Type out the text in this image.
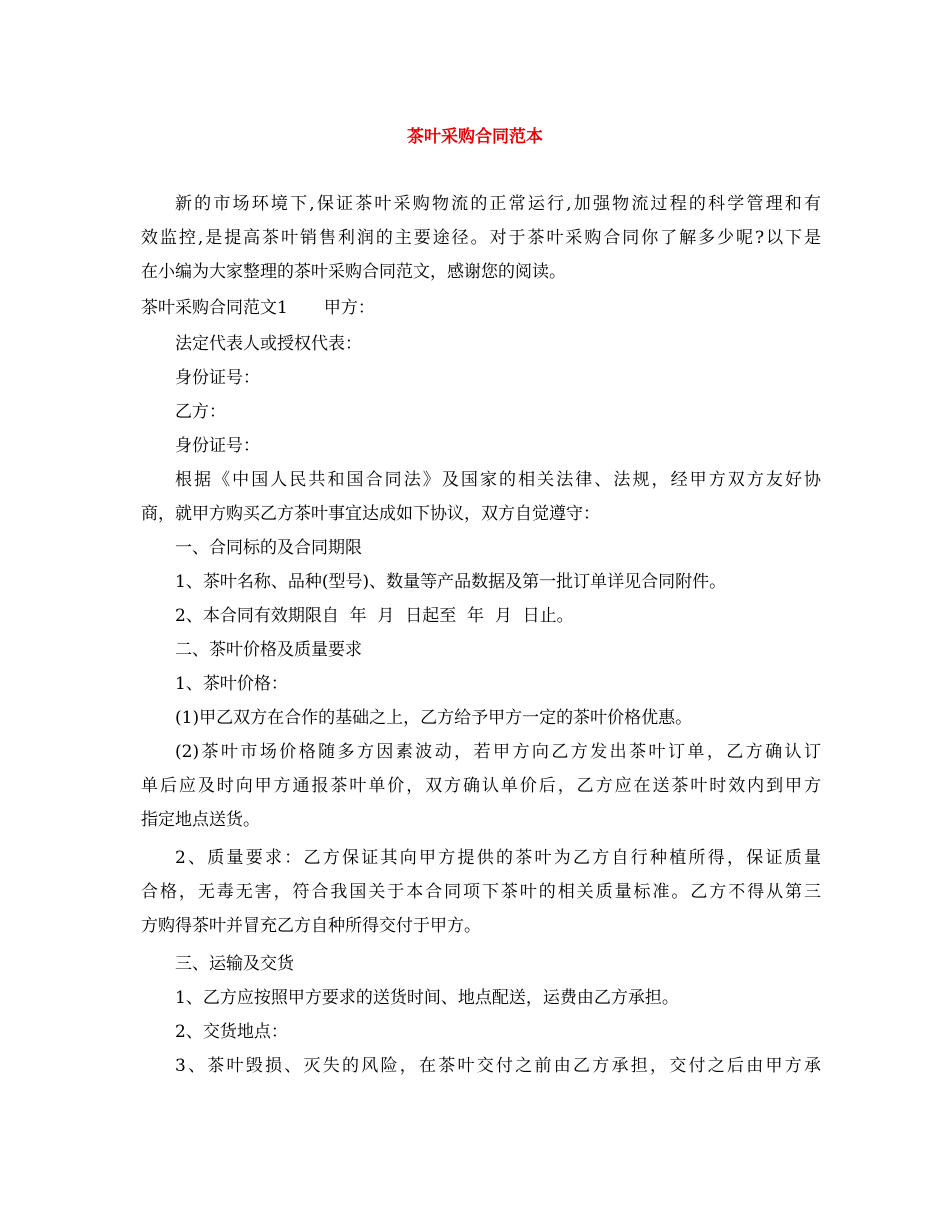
茶叶采购合同范本
新的市场环境下,保证茶叶采购物流的正常运行,加强物流过程的科学管理和有
效监控,是提高茶叶销售利润的主要途径。对于茶叶采购合同你了解多少呢?以下是
在小编为大家整理的茶叶采购合同范文，感谢您的阅读。
茶叶采购合同范文1 甲方：
法定代表人或授权代表：
身份证号：
乙方：
身份证号：
根据《中国人民共和国合同法》及国家的相关法律、法规，经甲方双方友好协
商，就甲方购买乙方茶叶事宜达成如下协议，双方自觉遵守：
一、合同标的及合同期限
1、茶叶名称、品种(型号)、数量等产品数据及第一批订单详见合同附件。
2、本合同有效期限自  年  月  日起至  年  月  日止。
二、茶叶价格及质量要求
1、茶叶价格：
(1)甲乙双方在合作的基础之上，乙方给予甲方一定的茶叶价格优惠。
(2)茶叶市场价格随多方因素波动，若甲方向乙方发出茶叶订单，乙方确认订
单后应及时向甲方通报茶叶单价，双方确认单价后，乙方应在送茶叶时效内到甲方
指定地点送货。
2、质量要求：乙方保证其向甲方提供的茶叶为乙方自行种植所得，保证质量
合格，无毒无害，符合我国关于本合同项下茶叶的相关质量标准。乙方不得从第三
方购得茶叶并冒充乙方自种所得交付于甲方。
三、运输及交货
1、乙方应按照甲方要求的送货时间、地点配送，运费由乙方承担。
2、交货地点：
3、茶叶毁损、灭失的风险，在茶叶交付之前由乙方承担，交付之后由甲方承
